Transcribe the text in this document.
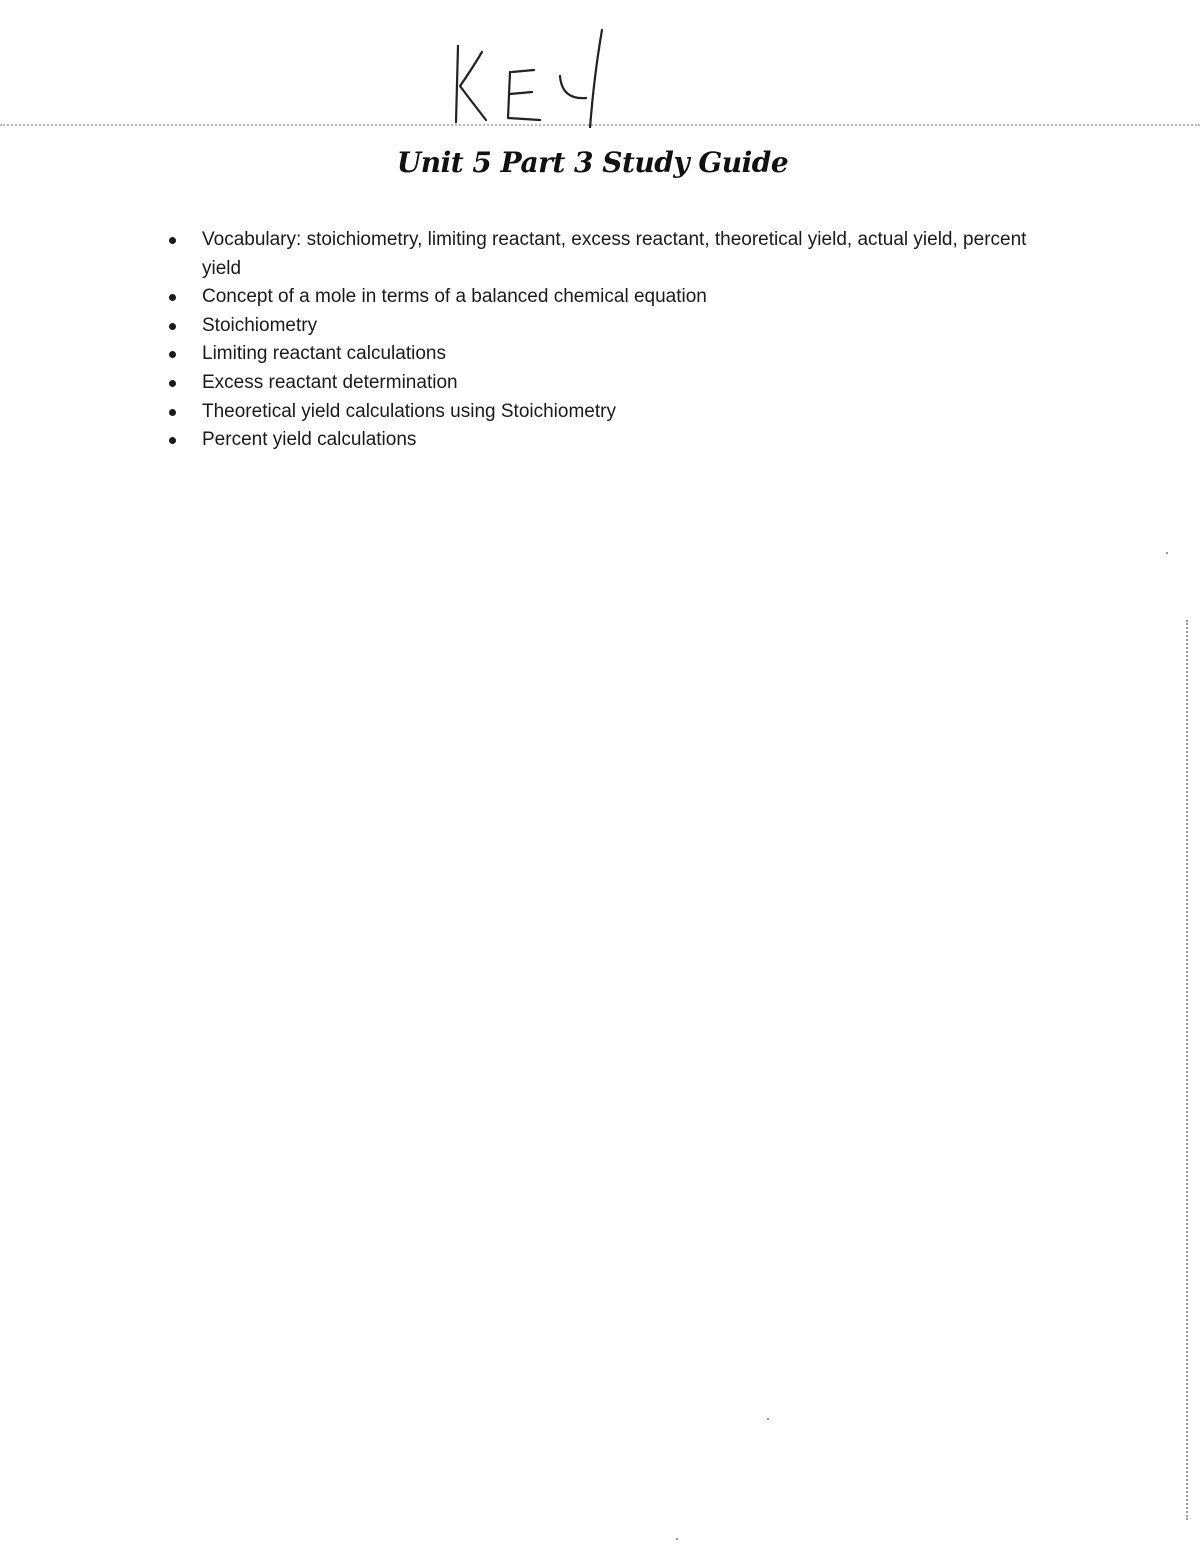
Unit 5 Part 3 Study Guide
Vocabulary: stoichiometry, limiting reactant, excess reactant, theoretical yield, actual yield, percent yield
Concept of a mole in terms of a balanced chemical equation
Stoichiometry
Limiting reactant calculations
Excess reactant determination
Theoretical yield calculations using Stoichiometry
Percent yield calculations
